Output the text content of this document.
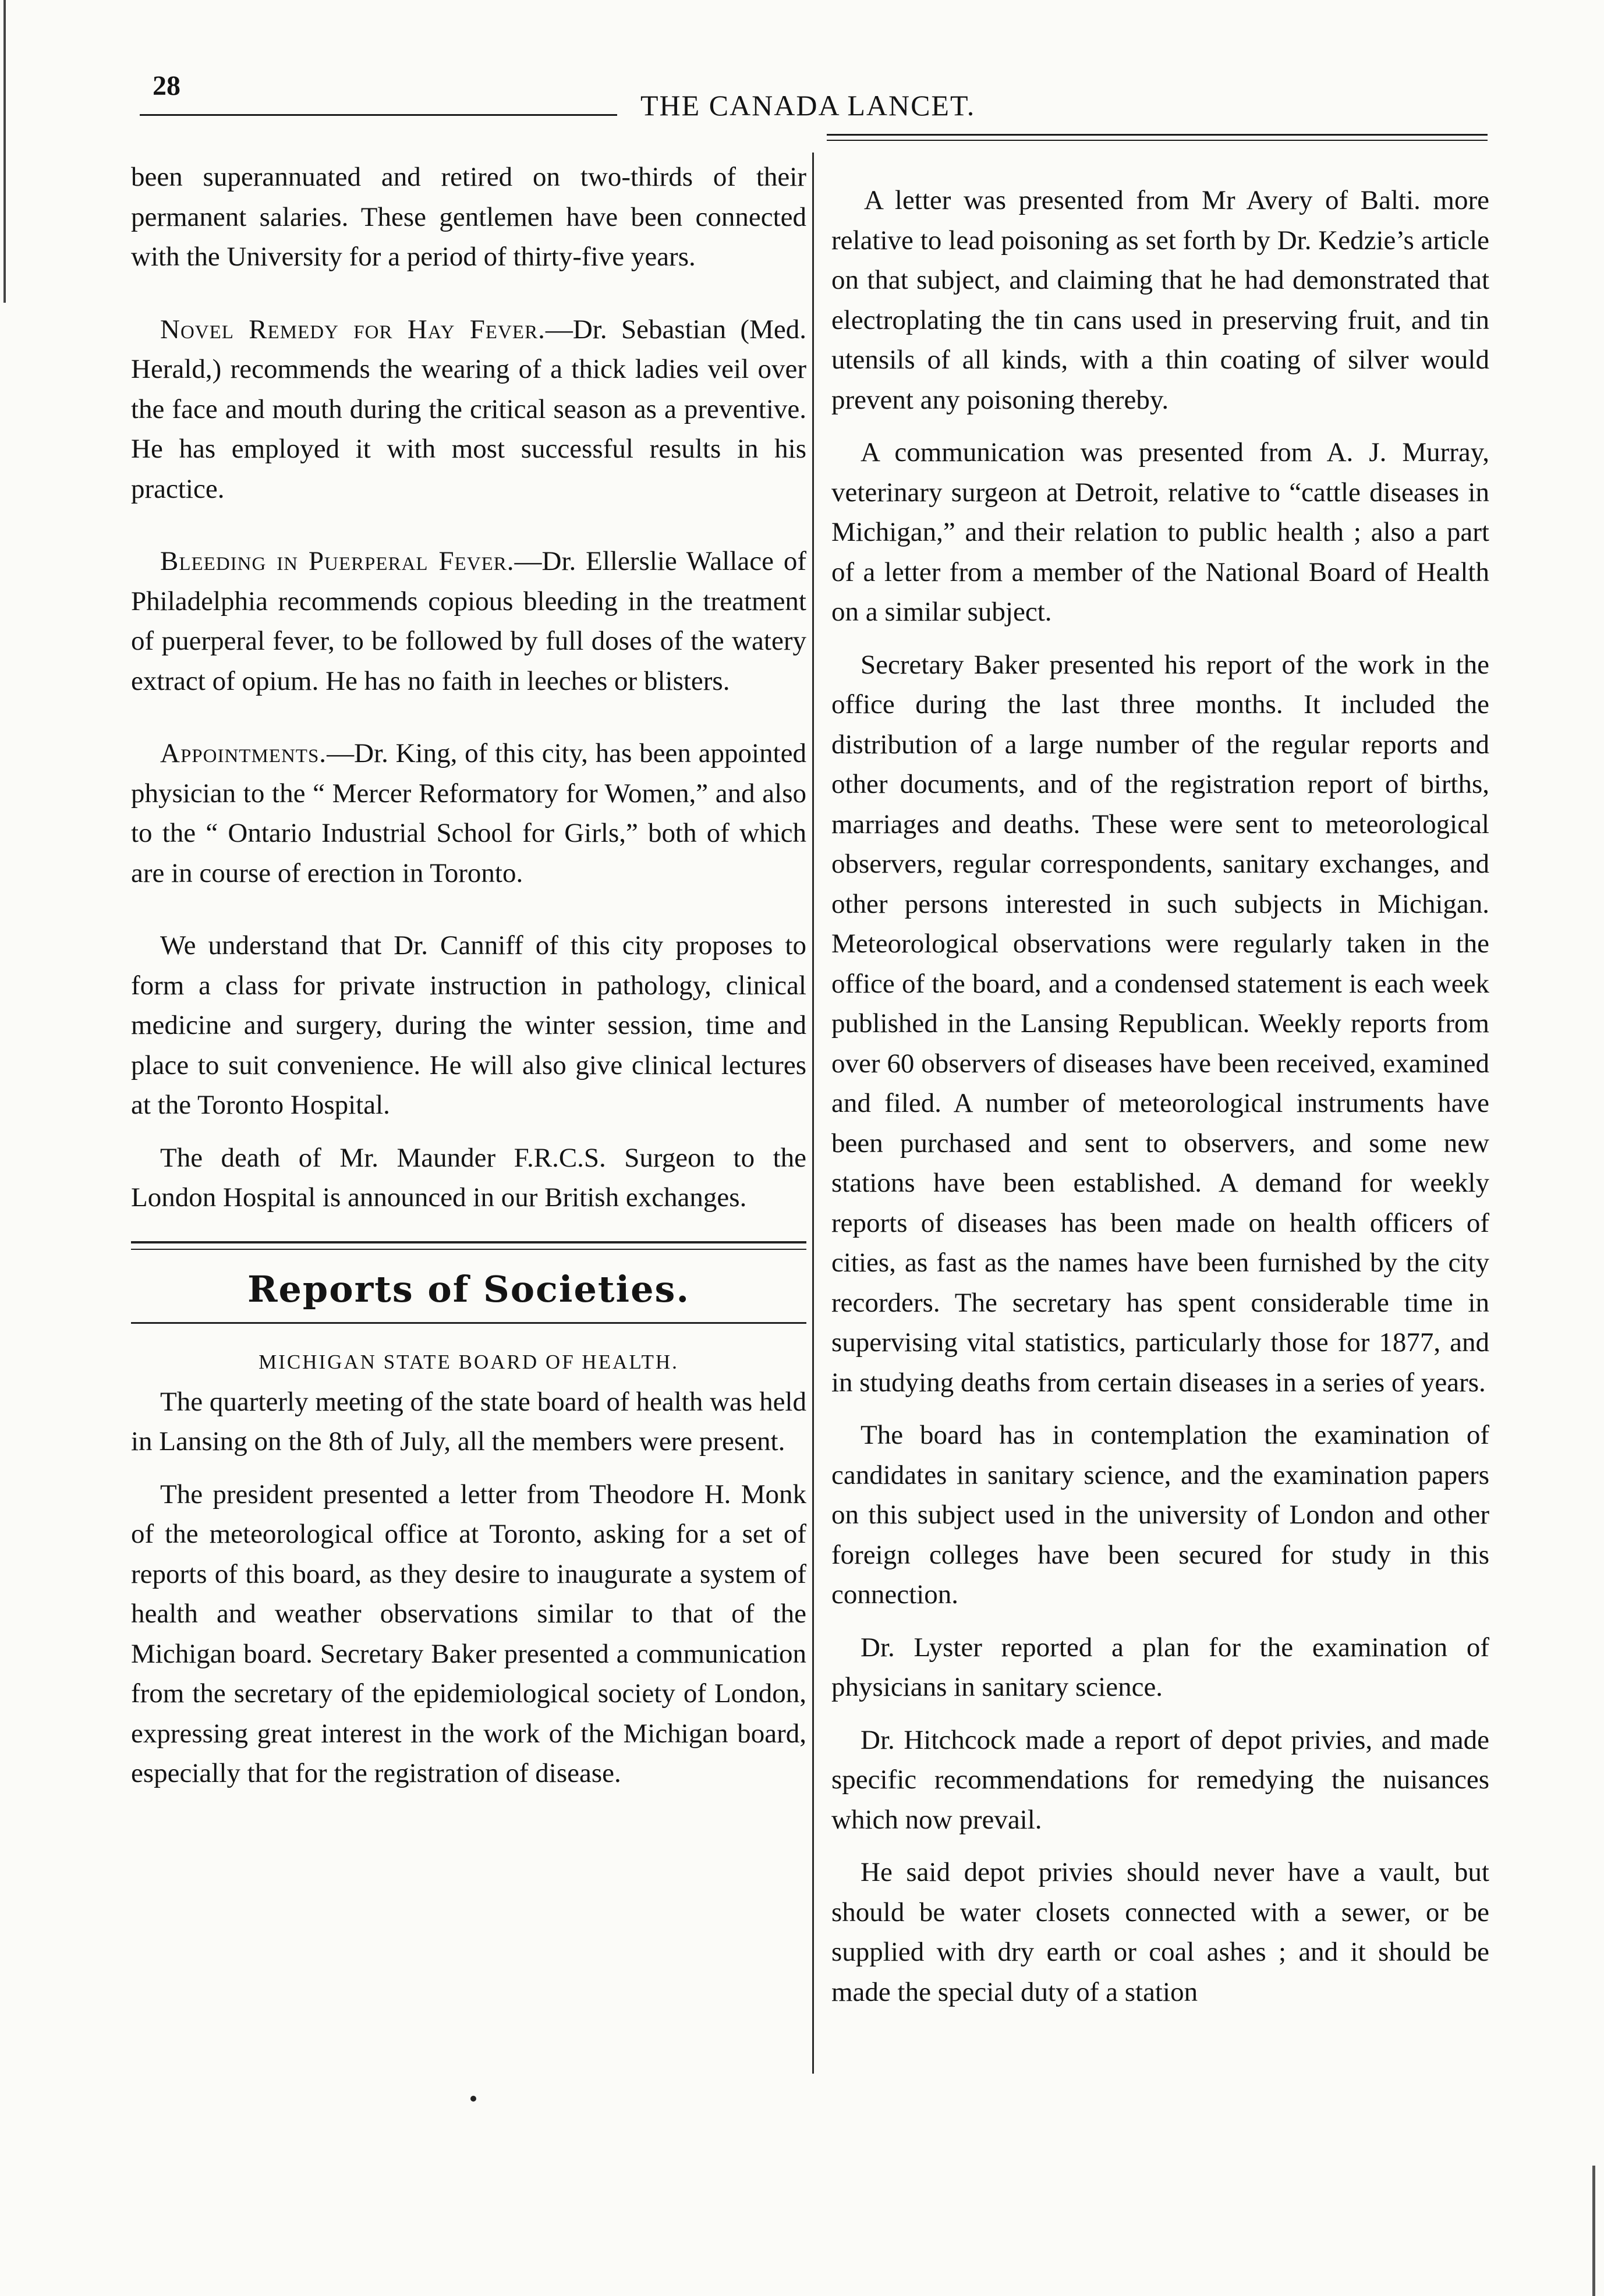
28
THE CANADA LANCET.

been superannuated and retired on two-thirds of their permanent salaries. These gentlemen have been connected with the University for a period of thirty-five years.

Novel Remedy for Hay Fever.—Dr. Sebastian (Med. Herald,) recommends the wearing of a thick ladies veil over the face and mouth during the critical season as a preventive. He has employed it with most successful results in his practice.

Bleeding in Puerperal Fever.—Dr. Ellerslie Wallace of Philadelphia recommends copious bleeding in the treatment of puerperal fever, to be followed by full doses of the watery extract of opium. He has no faith in leeches or blisters.

Appointments.—Dr. King, of this city, has been appointed physician to the “ Mercer Reformatory for Women,” and also to the “ Ontario Industrial School for Girls,” both of which are in course of erection in Toronto.

We understand that Dr. Canniff of this city proposes to form a class for private instruction in pathology, clinical medicine and surgery, during the winter session, time and place to suit convenience. He will also give clinical lectures at the Toronto Hospital.

The death of Mr. Maunder F.R.C.S. Surgeon to the London Hospital is announced in our British exchanges.

Reports of Societies.
MICHIGAN STATE BOARD OF HEALTH.

The quarterly meeting of the state board of health was held in Lansing on the 8th of July, all the members were present.

The president presented a letter from Theodore H. Monk of the meteorological office at Toronto, asking for a set of reports of this board, as they desire to inaugurate a system of health and weather observations similar to that of the Michigan board. Secretary Baker presented a communication from the secretary of the epidemiological society of London, expressing great interest in the work of the Michigan board, especially that for the registration of disease.

A letter was presented from Mr Avery of Balti. more relative to lead poisoning as set forth by Dr. Kedzie’s article on that subject, and claiming that he had demonstrated that electroplating the tin cans used in preserving fruit, and tin utensils of all kinds, with a thin coating of silver would prevent any poisoning thereby.

A communication was presented from A. J. Murray, veterinary surgeon at Detroit, relative to “cattle diseases in Michigan,” and their relation to public health ; also a part of a letter from a member of the National Board of Health on a similar subject.

Secretary Baker presented his report of the work in the office during the last three months. It included the distribution of a large number of the regular reports and other documents, and of the registration report of births, marriages and deaths. These were sent to meteorological observers, regular correspondents, sanitary exchanges, and other persons interested in such subjects in Michigan. Meteorological observations were regularly taken in the office of the board, and a condensed statement is each week published in the Lansing Republican. Weekly reports from over 60 observers of diseases have been received, examined and filed. A number of meteorological instruments have been purchased and sent to observers, and some new stations have been established. A demand for weekly reports of diseases has been made on health officers of cities, as fast as the names have been furnished by the city recorders. The secretary has spent considerable time in supervising vital statistics, particularly those for 1877, and in studying deaths from certain diseases in a series of years.

The board has in contemplation the examination of candidates in sanitary science, and the examination papers on this subject used in the university of London and other foreign colleges have been secured for study in this connection.

Dr. Lyster reported a plan for the examination of physicians in sanitary science.

Dr. Hitchcock made a report of depot privies, and made specific recommendations for remedying the nuisances which now prevail.

He said depot privies should never have a vault, but should be water closets connected with a sewer, or be supplied with dry earth or coal ashes ; and it should be made the special duty of a station
